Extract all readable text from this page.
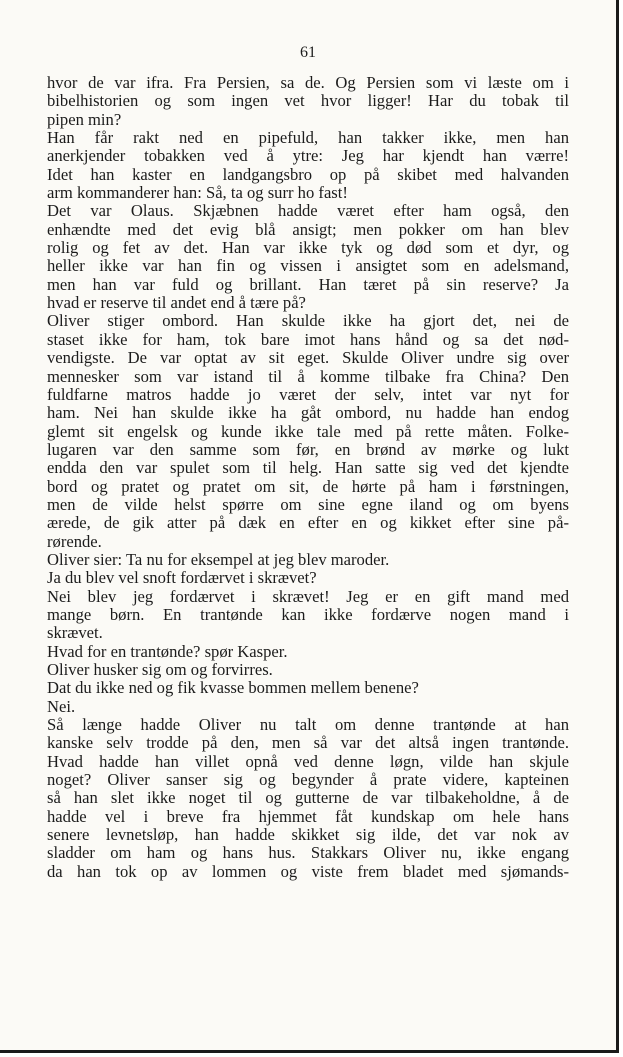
61
hvor de var ifra. Fra Persien, sa de. Og Persien som vi læste om i
bibelhistorien og som ingen vet hvor ligger! Har du tobak til
pipen min?
Han får rakt ned en pipefuld, han takker ikke, men han
anerkjender tobakken ved å ytre: Jeg har kjendt han værre!
Idet han kaster en landgangsbro op på skibet med halvanden
arm kommanderer han: Så, ta og surr ho fast!
Det var Olaus. Skjæbnen hadde været efter ham også, den
enhændte med det evig blå ansigt; men pokker om han blev
rolig og fet av det. Han var ikke tyk og død som et dyr, og
heller ikke var han fin og vissen i ansigtet som en adelsmand,
men han var fuld og brillant. Han tæret på sin reserve? Ja
hvad er reserve til andet end å tære på?
Oliver stiger ombord. Han skulde ikke ha gjort det, nei de
staset ikke for ham, tok bare imot hans hånd og sa det nød-
vendigste. De var optat av sit eget. Skulde Oliver undre sig over
mennesker som var istand til å komme tilbake fra China? Den
fuldfarne matros hadde jo været der selv, intet var nyt for
ham. Nei han skulde ikke ha gåt ombord, nu hadde han endog
glemt sit engelsk og kunde ikke tale med på rette måten. Folke-
lugaren var den samme som før, en brønd av mørke og lukt
endda den var spulet som til helg. Han satte sig ved det kjendte
bord og pratet og pratet om sit, de hørte på ham i førstningen,
men de vilde helst spørre om sine egne iland og om byens
ærede, de gik atter på dæk en efter en og kikket efter sine på-
rørende.
Oliver sier: Ta nu for eksempel at jeg blev maroder.
Ja du blev vel snoft fordærvet i skrævet?
Nei blev jeg fordærvet i skrævet! Jeg er en gift mand med
mange børn. En trantønde kan ikke fordærve nogen mand i
skrævet.
Hvad for en trantønde? spør Kasper.
Oliver husker sig om og forvirres.
Dat du ikke ned og fik kvasse bommen mellem benene?
Nei.
Så længe hadde Oliver nu talt om denne trantønde at han
kanske selv trodde på den, men så var det altså ingen trantønde.
Hvad hadde han villet opnå ved denne løgn, vilde han skjule
noget? Oliver sanser sig og begynder å prate videre, kapteinen
så han slet ikke noget til og gutterne de var tilbakeholdne, å de
hadde vel i breve fra hjemmet fåt kundskap om hele hans
senere levnetsløp, han hadde skikket sig ilde, det var nok av
sladder om ham og hans hus. Stakkars Oliver nu, ikke engang
da han tok op av lommen og viste frem bladet med sjømands-
